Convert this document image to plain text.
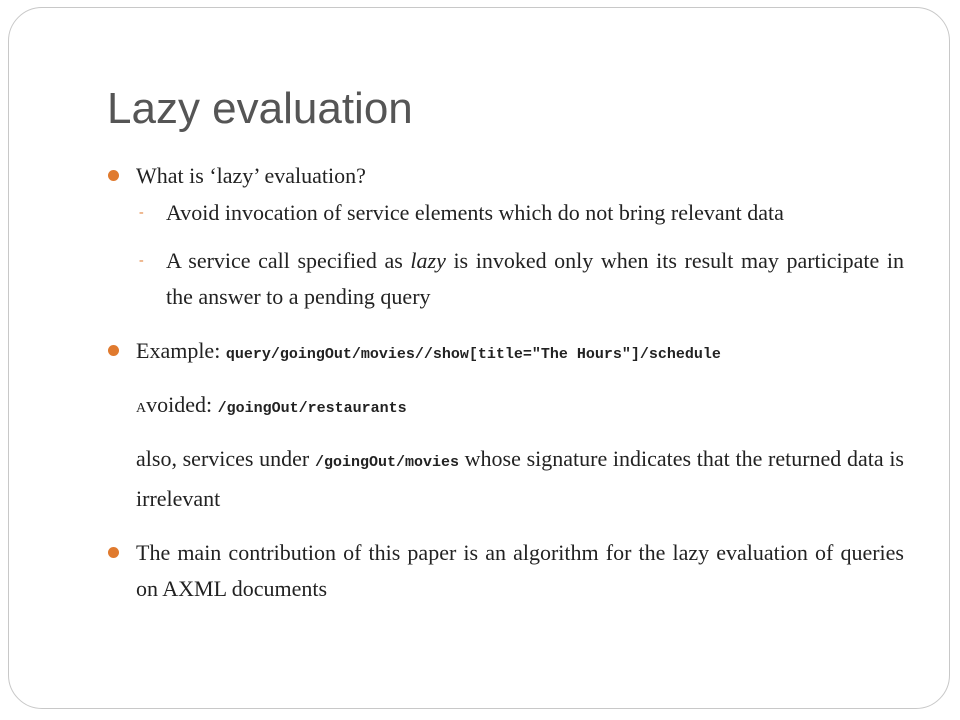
Lazy evaluation
What is ‘lazy’ evaluation?
- Avoid invocation of service elements which do not bring relevant data
- A service call specified as lazy is invoked only when its result may participate in the answer to a pending query
Example: query/goingOut/movies//show[title="The Hours"]/schedule
Avoided: /goingOut/restaurants
also, services under /goingOut/movies whose signature indicates that the returned data is irrelevant
The main contribution of this paper is an algorithm for the lazy evaluation of queries on AXML documents
